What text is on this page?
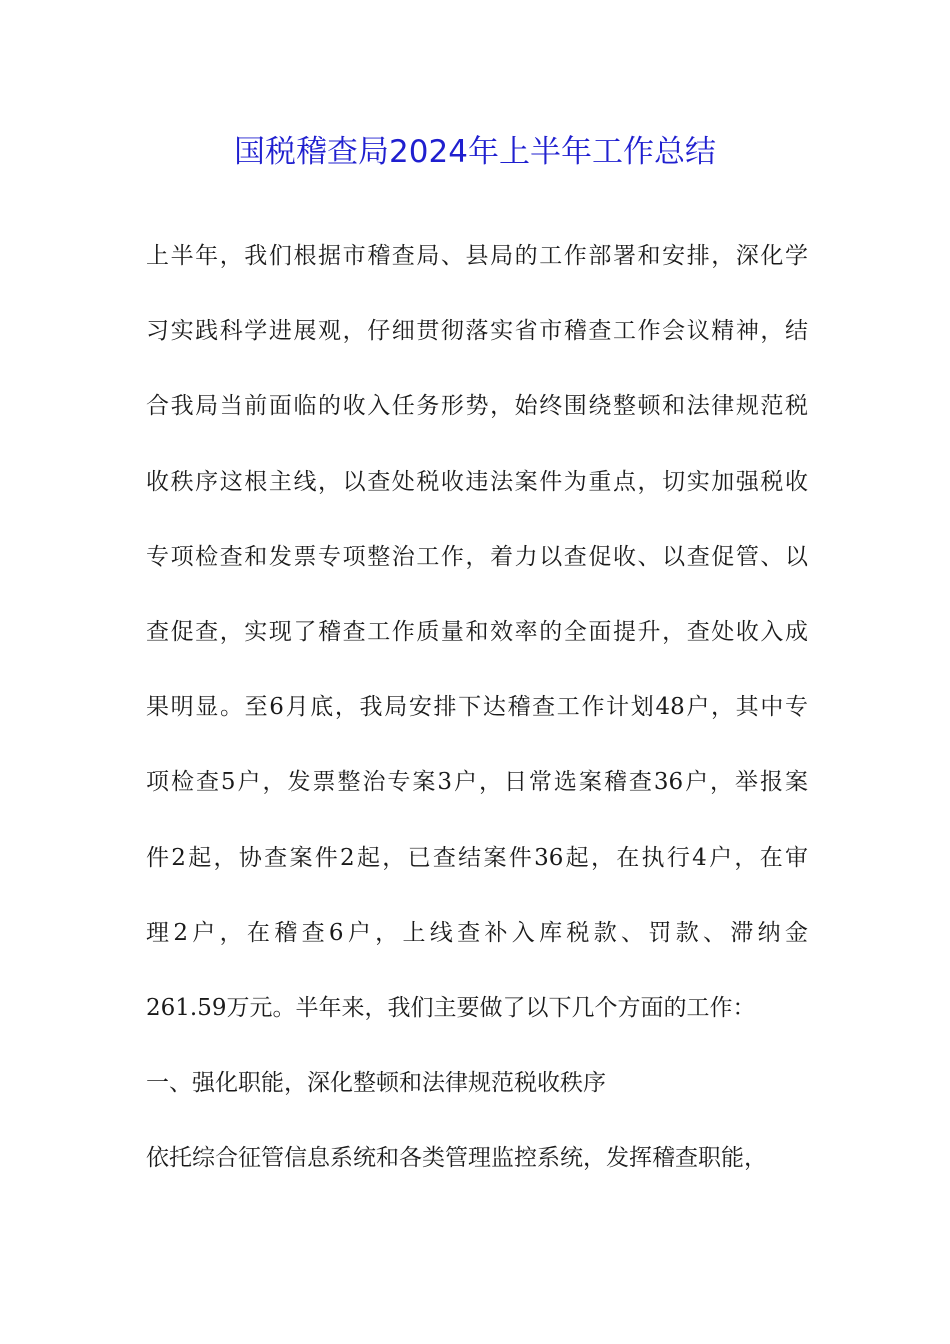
国税稽查局2024年上半年工作总结
上半年，我们根据市稽查局、县局的工作部署和安排，深化学
习实践科学进展观，仔细贯彻落实省市稽查工作会议精神，结
合我局当前面临的收入任务形势，始终围绕整顿和法律规范税
收秩序这根主线，以查处税收违法案件为重点，切实加强税收
专项检查和发票专项整治工作，着力以查促收、以查促管、以
查促查，实现了稽查工作质量和效率的全面提升，查处收入成
果明显。至6月底，我局安排下达稽查工作计划48户，其中专
项检查5户，发票整治专案3户，日常选案稽查36户，举报案
件2起，协查案件2起，已查结案件36起，在执行4户，在审
理2户，在稽查6户，上线查补入库税款、罚款、滞纳金
261.59万元。半年来，我们主要做了以下几个方面的工作：
一、强化职能，深化整顿和法律规范税收秩序
依托综合征管信息系统和各类管理监控系统，发挥稽查职能，
